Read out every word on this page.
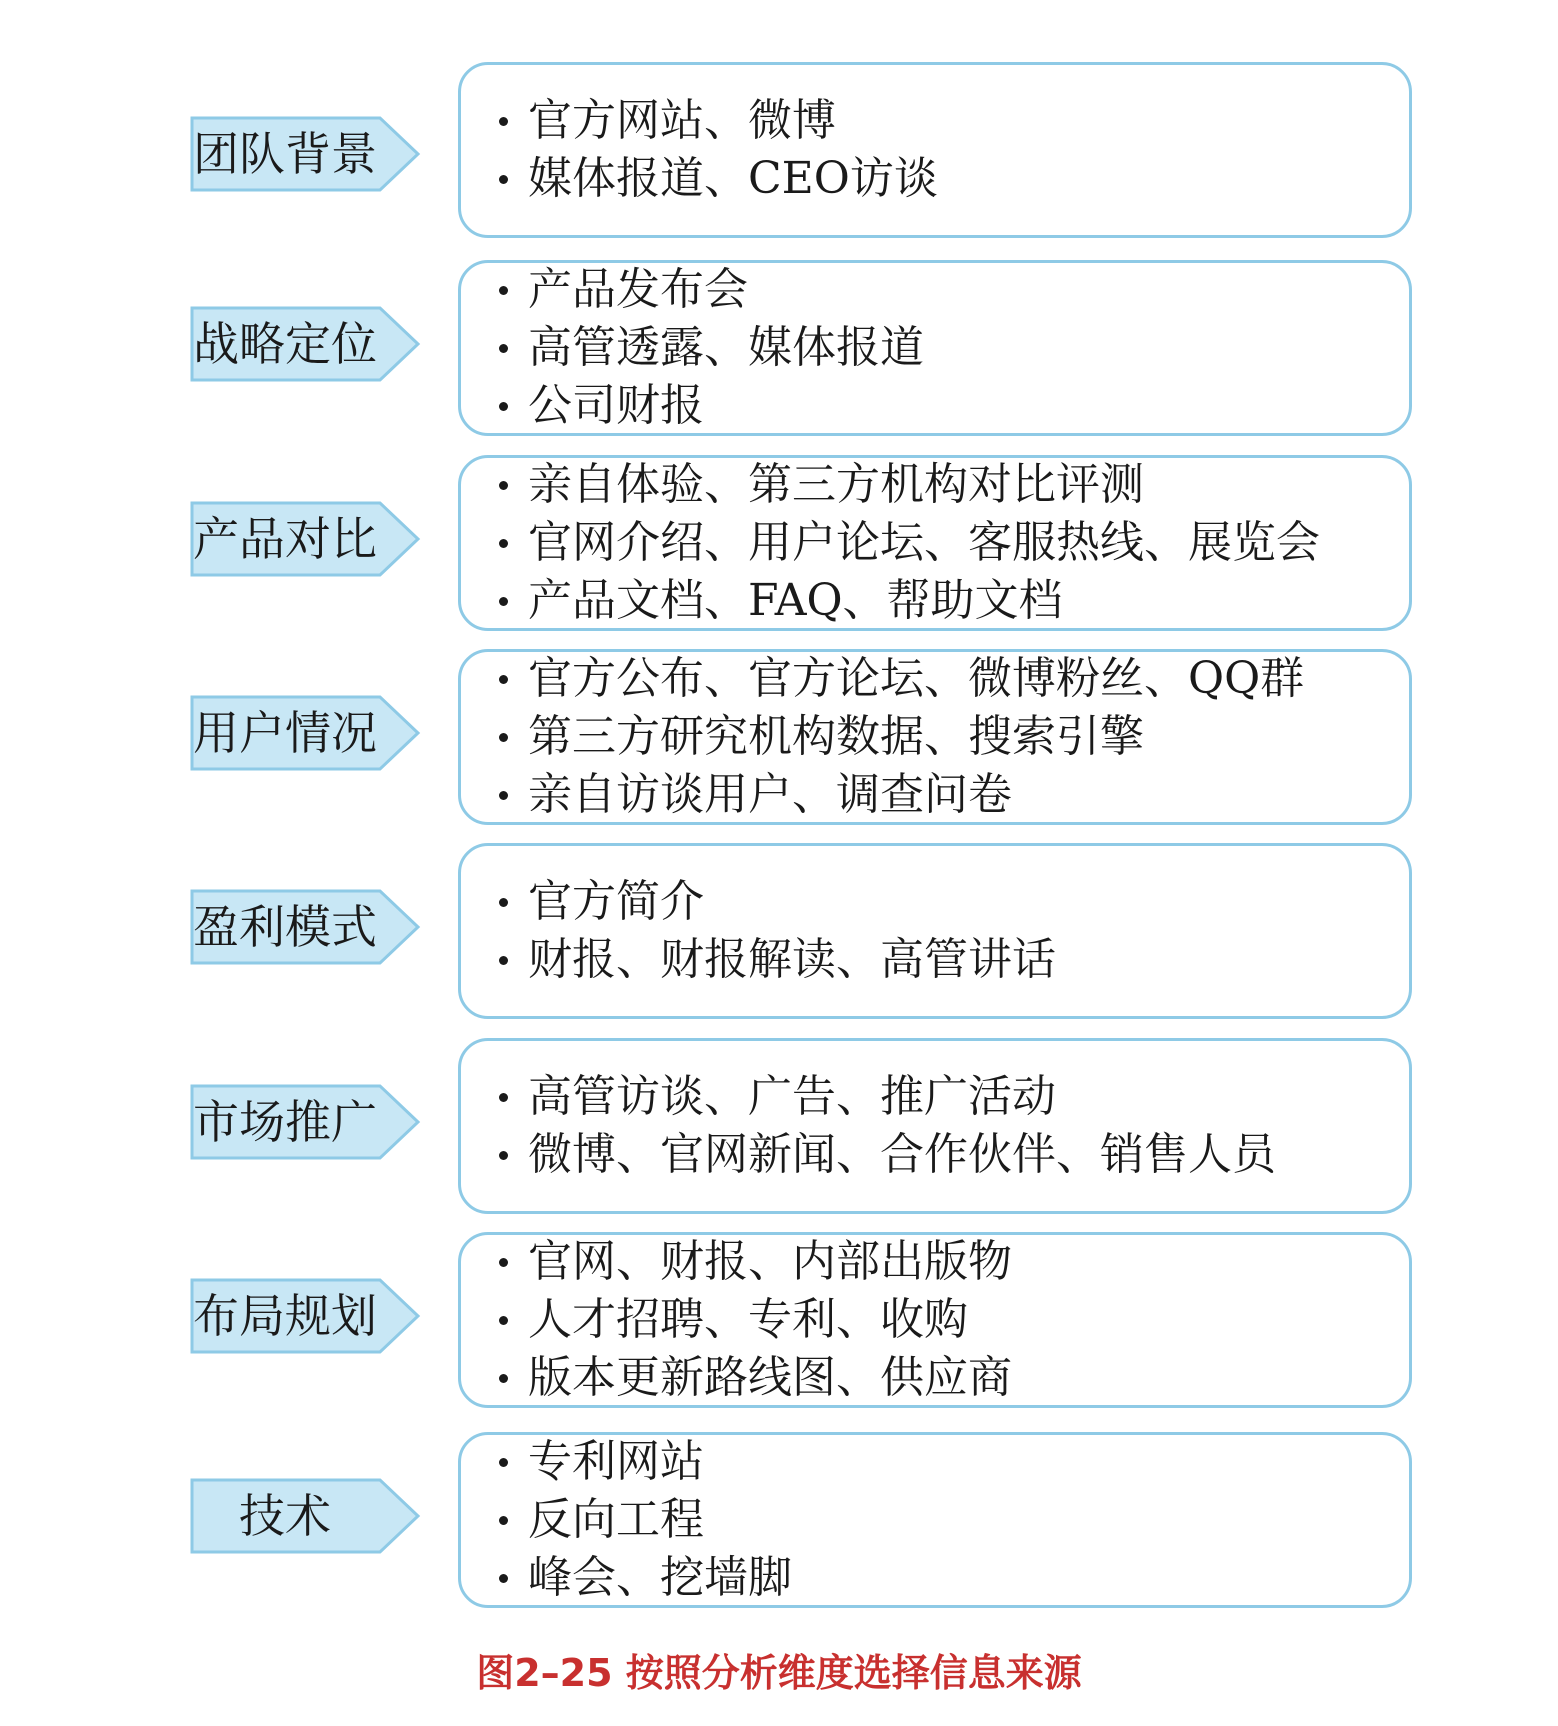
团队背景
官方网站、微博
媒体报道、CEO访谈
战略定位
产品发布会
高管透露、媒体报道
公司财报
产品对比
亲自体验、第三方机构对比评测
官网介绍、用户论坛、客服热线、展览会
产品文档、FAQ、帮助文档
用户情况
官方公布、官方论坛、微博粉丝、QQ群
第三方研究机构数据、搜索引擎
亲自访谈用户、调查问卷
盈利模式	官方简介
财报、财报解读、高管讲话
市场推广	高管访谈、广告、推广活动
微博、官网新闻、合作伙伴、销售人员
布局规划
官网、财报、内部出版物
人才招聘、专利、收购
版本更新路线图、供应商
技术
专利网站
反向工程
峰会、挖墙脚
图2–25 按照分析维度选择信息来源
